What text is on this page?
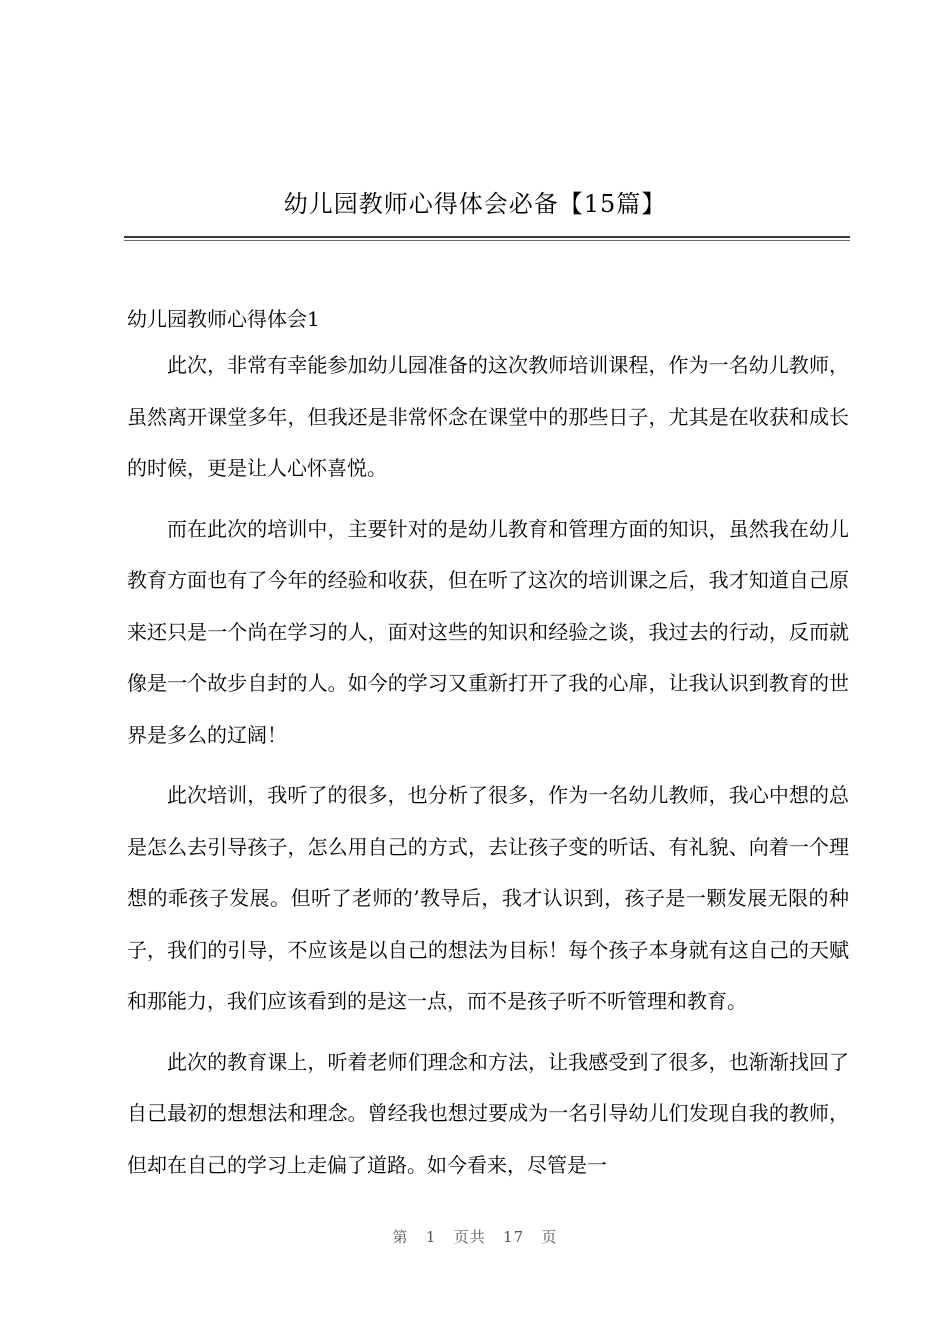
幼儿园教师心得体会必备【15篇】

幼儿园教师心得体会1

此次，非常有幸能参加幼儿园准备的这次教师培训课程，作为一名幼儿教师，虽然离开课堂多年，但我还是非常怀念在课堂中的那些日子，尤其是在收获和成长的时候，更是让人心怀喜悦。

而在此次的培训中，主要针对的是幼儿教育和管理方面的知识，虽然我在幼儿教育方面也有了今年的经验和收获，但在听了这次的培训课之后，我才知道自己原来还只是一个尚在学习的人，面对这些的知识和经验之谈，我过去的行动，反而就像是一个故步自封的人。如今的学习又重新打开了我的心扉，让我认识到教育的世界是多么的辽阔！

此次培训，我听了的很多，也分析了很多，作为一名幼儿教师，我心中想的总是怎么去引导孩子，怎么用自己的方式，去让孩子变的听话、有礼貌、向着一个理想的乖孩子发展。但听了老师的’教导后，我才认识到，孩子是一颗发展无限的种子，我们的引导，不应该是以自己的想法为目标！每个孩子本身就有这自己的天赋和那能力，我们应该看到的是这一点，而不是孩子听不听管理和教育。

此次的教育课上，听着老师们理念和方法，让我感受到了很多，也渐渐找回了自己最初的想想法和理念。曾经我也想过要成为一名引导幼儿们发现自我的教师，但却在自己的学习上走偏了道路。如今看来，尽管是一

第 1 页共 17 页
